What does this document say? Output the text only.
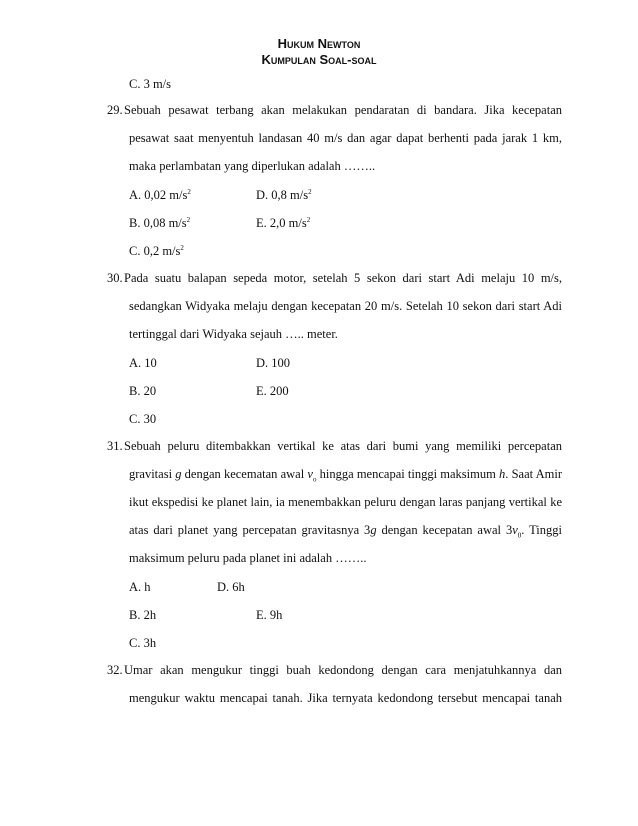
Hukum Newton
Kumpulan Soal-soal
C. 3 m/s
29. Sebuah pesawat terbang akan melakukan pendaratan di bandara. Jika kecepatan
pesawat saat menyentuh landasan 40 m/s dan agar dapat berhenti pada jarak 1 km,
maka perlambatan yang diperlukan adalah ……..
A. 0,02 $m/s^2$	D. 0,8 $m/s^2$
B. 0,08 $m/s^2$	E. 2,0 $m/s^2$
C. 0,2 $m/s^2$
30. Pada suatu balapan sepeda motor, setelah 5 sekon dari start Adi melaju 10 m/s,
sedangkan Widyaka melaju dengan kecepatan 20 m/s. Setelah 10 sekon dari start Adi
tertinggal dari Widyaka sejauh ….. meter.
A. 10	D. 100
B. 20	E. 200
C. 30
31. Sebuah peluru ditembakkan vertikal ke atas dari bumi yang memiliki percepatan
gravitasi g dengan kecematan awal $v_o$ hingga mencapai tinggi maksimum h. Saat Amir
ikut ekspedisi ke planet lain, ia menembakkan peluru dengan laras panjang vertikal ke
atas dari planet yang percepatan gravitasnya 3g dengan kecepatan awal $3v_0$. Tinggi
maksimum peluru pada planet ini adalah ……..
A. h	D. 6h
B. 2h	E. 9h
C. 3h
32. Umar akan mengukur tinggi buah kedondong dengan cara menjatuhkannya dan
mengukur waktu mencapai tanah. Jika ternyata kedondong tersebut mencapai tanah
